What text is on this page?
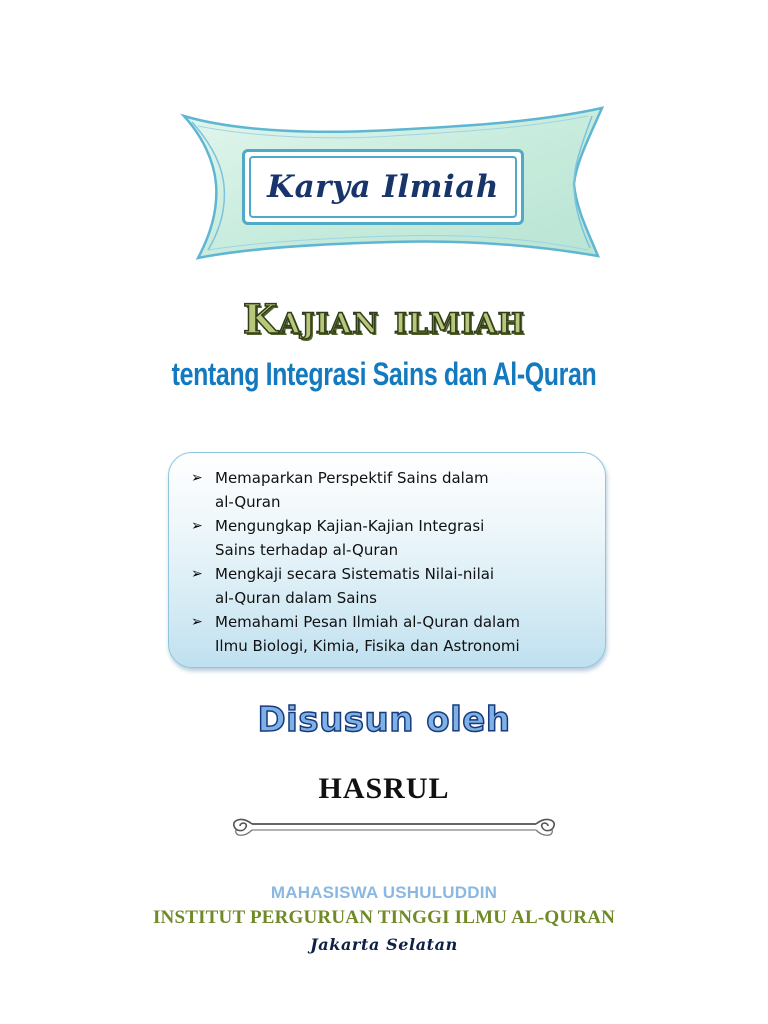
Karya Ilmiah
Kajian ilmiah
tentang Integrasi Sains dan Al-Quran
➢ Memaparkan Perspektif Sains dalam
al-Quran
➢ Mengungkap Kajian-Kajian Integrasi
Sains terhadap al-Quran
➢ Mengkaji secara Sistematis Nilai-nilai
al-Quran dalam Sains
➢ Memahami Pesan Ilmiah al-Quran dalam
Ilmu Biologi, Kimia, Fisika dan Astronomi
Disusun oleh
HASRUL
MAHASISWA USHULUDDIN
INSTITUT PERGURUAN TINGGI ILMU AL-QURAN
Jakarta Selatan
